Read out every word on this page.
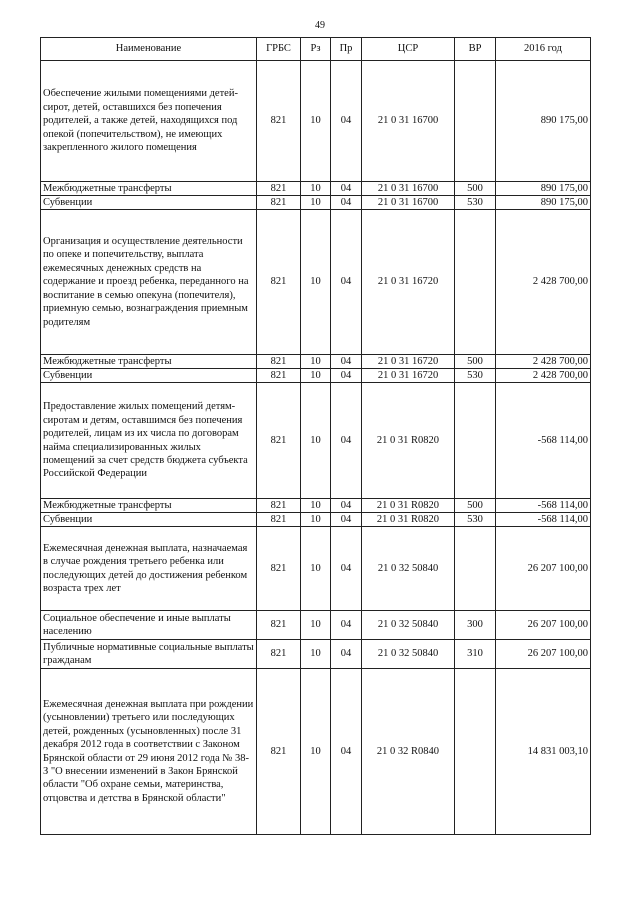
49
Наименование	ГРБС	Рз	Пр	ЦСР	ВР	2016 год
Обеспечение жилыми помещениями детей-сирот, детей, оставшихся без попечения родителей, а также детей, находящихся под опекой (попечительством), не имеющих закрепленного жилого помещения	821	10	04	21 0 31 16700		890 175,00
Межбюджетные трансферты	821	10	04	21 0 31 16700	500	890 175,00
Субвенции	821	10	04	21 0 31 16700	530	890 175,00
Организация и осуществление деятельности по опеке и попечительству, выплата ежемесячных денежных средств на содержание и проезд ребенка, переданного на воспитание в семью опекуна (попечителя), приемную семью, вознаграждения приемным родителям	821	10	04	21 0 31 16720		2 428 700,00
Межбюджетные трансферты	821	10	04	21 0 31 16720	500	2 428 700,00
Субвенции	821	10	04	21 0 31 16720	530	2 428 700,00
Предоставление жилых помещений детям-сиротам и детям, оставшимся без попечения родителей, лицам из их числа по договорам найма специализированных жилых помещений за счет средств бюджета субъекта Российской Федерации	821	10	04	21 0 31 R0820		-568 114,00
Межбюджетные трансферты	821	10	04	21 0 31 R0820	500	-568 114,00
Субвенции	821	10	04	21 0 31 R0820	530	-568 114,00
Ежемесячная денежная выплата, назначаемая в случае рождения третьего ребенка или последующих детей до достижения ребенком возраста трех лет	821	10	04	21 0 32 50840		26 207 100,00
Социальное обеспечение и иные выплаты населению	821	10	04	21 0 32 50840	300	26 207 100,00
Публичные нормативные социальные выплаты гражданам	821	10	04	21 0 32 50840	310	26 207 100,00
Ежемесячная денежная выплата при рождении (усыновлении) третьего или последующих детей, рожденных (усыновленных) после 31 декабря 2012 года в соответствии с Законом Брянской области от 29 июня 2012 года № 38-З "О внесении изменений в Закон Брянской области "Об охране семьи, материнства, отцовства и детства в Брянской области"	821	10	04	21 0 32 R0840		14 831 003,10
